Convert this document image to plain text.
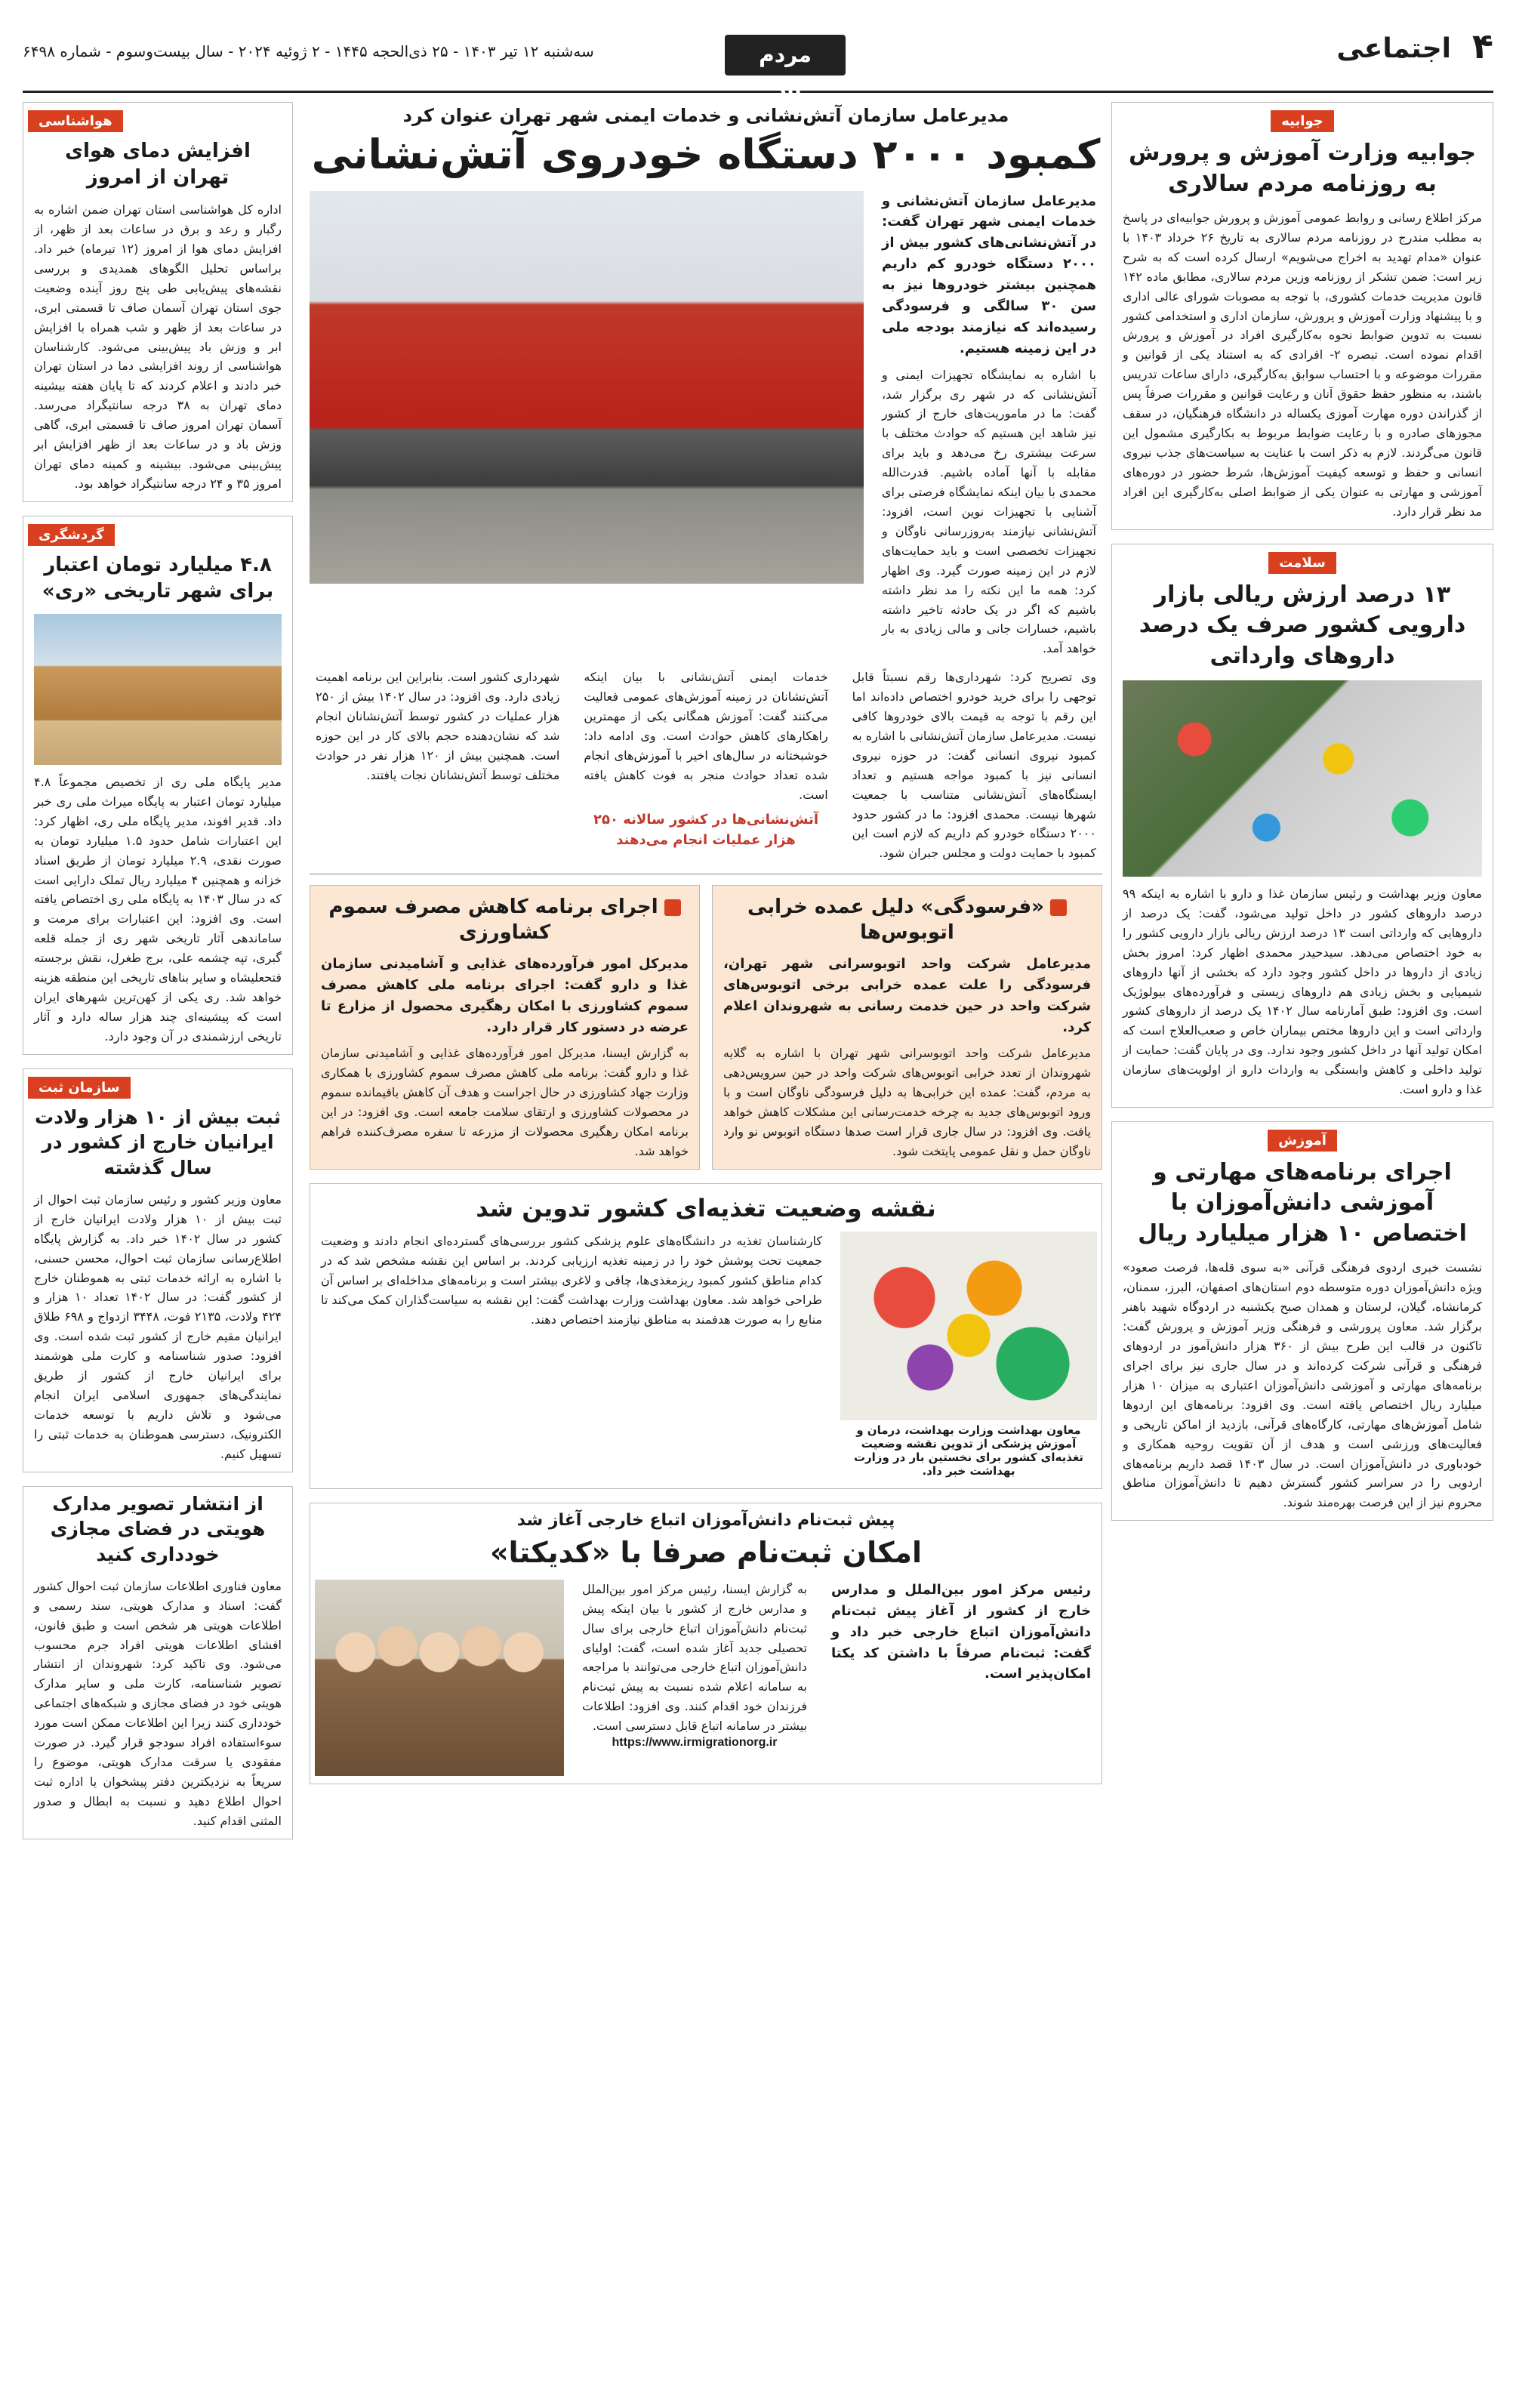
۴
اجتماعی
مردم سالاری
سه‌شنبه ۱۲ تیر ۱۴۰۳ - ۲۵ ذی‌الحجه ۱۴۴۵ - ۲ ژوئیه ۲۰۲۴ - سال بیست‌وسوم - شماره ۶۴۹۸
جوابیه
جوابیه وزارت آموزش و پرورش به روزنامه مردم سالاری
مرکز اطلاع رسانی و روابط عمومی آموزش و پرورش جوابیه‌ای در پاسخ به مطلب مندرج در روزنامه مردم سالاری به تاریخ ۲۶ خرداد ۱۴۰۳ با عنوان «مدام تهدید به اخراج می‌شویم» ارسال کرده است که به شرح زیر است: ضمن تشکر از روزنامه وزین مردم سالاری، مطابق ماده ۱۴۲ قانون مدیریت خدمات کشوری، با توجه به مصوبات شورای عالی اداری و با پیشنهاد وزارت آموزش و پرورش، سازمان اداری و استخدامی کشور نسبت به تدوین ضوابط نحوه به‌کارگیری افراد در آموزش و پرورش اقدام نموده است. تبصره ۲- افرادی که به استناد یکی از قوانین و مقررات موضوعه و با احتساب سوابق به‌کارگیری، دارای ساعات تدریس باشند، به منظور حفظ حقوق آنان و رعایت قوانین و مقررات صرفاً پس از گذراندن دوره مهارت آموزی یکساله در دانشگاه فرهنگیان، در سقف مجوزهای صادره و با رعایت ضوابط مربوط به بکارگیری مشمول این قانون می‌گردند. لازم به ذکر است با عنایت به سیاست‌های جذب نیروی انسانی و حفظ و توسعه کیفیت آموزش‌ها، شرط حضور در دوره‌های آموزشی و مهارتی به عنوان یکی از ضوابط اصلی به‌کارگیری این افراد مد نظر قرار دارد.
سلامت
۱۳ درصد ارزش ریالی بازار دارویی کشور صرف یک درصد داروهای وارداتی
معاون وزیر بهداشت و رئیس سازمان غذا و دارو با اشاره به اینکه ۹۹ درصد داروهای کشور در داخل تولید می‌شود، گفت: یک درصد از داروهایی که وارداتی است ۱۳ درصد ارزش ریالی بازار دارویی کشور را به خود اختصاص می‌دهد. سیدحیدر محمدی اظهار کرد: امروز بخش زیادی از داروها در داخل کشور وجود دارد که بخشی از آنها داروهای شیمیایی و بخش زیادی هم داروهای زیستی و فرآورده‌های بیولوژیک است. وی افزود: طبق آمارنامه سال ۱۴۰۲ یک درصد از داروهای کشور وارداتی است و این داروها مختص بیماران خاص و صعب‌العلاج است که امکان تولید آنها در داخل کشور وجود ندارد. وی در پایان گفت: حمایت از تولید داخلی و کاهش وابستگی به واردات دارو از اولویت‌های سازمان غذا و دارو است.
آموزش
اجرای برنامه‌های مهارتی و آموزشی دانش‌آموزان با اختصاص ۱۰ هزار میلیارد ریال
نشست خبری اردوی فرهنگی قرآنی «به سوی قله‌ها، فرصت صعود» ویژه دانش‌آموزان دوره متوسطه دوم استان‌های اصفهان، البرز، سمنان، کرمانشاه، گیلان، لرستان و همدان صبح یکشنبه در اردوگاه شهید باهنر برگزار شد. معاون پرورشی و فرهنگی وزیر آموزش و پرورش گفت: تاکنون در قالب این طرح بیش از ۳۶۰ هزار دانش‌آموز در اردوهای فرهنگی و قرآنی شرکت کرده‌اند و در سال جاری نیز برای اجرای برنامه‌های مهارتی و آموزشی دانش‌آموزان اعتباری به میزان ۱۰ هزار میلیارد ریال اختصاص یافته است. وی افزود: برنامه‌های این اردوها شامل آموزش‌های مهارتی، کارگاه‌های قرآنی، بازدید از اماکن تاریخی و فعالیت‌های ورزشی است و هدف از آن تقویت روحیه همکاری و خودباوری در دانش‌آموزان است. در سال ۱۴۰۳ قصد داریم برنامه‌های اردویی را در سراسر کشور گسترش دهیم تا دانش‌آموزان مناطق محروم نیز از این فرصت بهره‌مند شوند.
هواشناسی
افزایش دمای هوای تهران از امروز
اداره کل هواشناسی استان تهران ضمن اشاره به رگبار و رعد و برق در ساعات بعد از ظهر، از افزایش دمای هوا از امروز (۱۲ تیرماه) خبر داد. براساس تحلیل الگوهای همدیدی و بررسی نقشه‌های پیش‌یابی طی پنج روز آینده وضعیت جوی استان تهران آسمان صاف تا قسمتی ابری، در ساعات بعد از ظهر و شب همراه با افزایش ابر و وزش باد پیش‌بینی می‌شود. کارشناسان هواشناسی از روند افزایشی دما در استان تهران خبر دادند و اعلام کردند که تا پایان هفته بیشینه دمای تهران به ۳۸ درجه سانتیگراد می‌رسد. آسمان تهران امروز صاف تا قسمتی ابری، گاهی وزش باد و در ساعات بعد از ظهر افزایش ابر پیش‌بینی می‌شود. بیشینه و کمینه دمای تهران امروز ۳۵ و ۲۴ درجه سانتیگراد خواهد بود.
گردشگری
۴.۸ میلیارد تومان اعتبار برای شهر تاریخی «ری»
مدیر پایگاه ملی ری از تخصیص مجموعاً ۴.۸ میلیارد تومان اعتبار به پایگاه میراث ملی ری خبر داد. قدیر افوند، مدیر پایگاه ملی ری، اظهار کرد: این اعتبارات شامل حدود ۱.۵ میلیارد تومان به صورت نقدی، ۲.۹ میلیارد تومان از طریق اسناد خزانه و همچنین ۴ میلیارد ریال تملک دارایی است که در سال ۱۴۰۳ به پایگاه ملی ری اختصاص یافته است. وی افزود: این اعتبارات برای مرمت و ساماندهی آثار تاریخی شهر ری از جمله قلعه گبری، تپه چشمه علی، برج طغرل، نقش برجسته فتحعلیشاه و سایر بناهای تاریخی این منطقه هزینه خواهد شد. ری یکی از کهن‌ترین شهرهای ایران است که پیشینه‌ای چند هزار ساله دارد و آثار تاریخی ارزشمندی در آن وجود دارد.
سازمان ثبت
ثبت بیش از ۱۰ هزار ولادت ایرانیان خارج از کشور در سال گذشته
معاون وزیر کشور و رئیس سازمان ثبت احوال از ثبت بیش از ۱۰ هزار ولادت ایرانیان خارج از کشور در سال ۱۴۰۲ خبر داد. به گزارش پایگاه اطلاع‌رسانی سازمان ثبت احوال، محسن حسنی، با اشاره به ارائه خدمات ثبتی به هموطنان خارج از کشور گفت: در سال ۱۴۰۲ تعداد ۱۰ هزار و ۴۲۴ ولادت، ۲۱۳۵ فوت، ۳۴۴۸ ازدواج و ۶۹۸ طلاق ایرانیان مقیم خارج از کشور ثبت شده است. وی افزود: صدور شناسنامه و کارت ملی هوشمند برای ایرانیان خارج از کشور از طریق نمایندگی‌های جمهوری اسلامی ایران انجام می‌شود و تلاش داریم با توسعه خدمات الکترونیک، دسترسی هموطنان به خدمات ثبتی را تسهیل کنیم.
از انتشار تصویر مدارک هویتی در فضای مجازی خودداری کنید
معاون فناوری اطلاعات سازمان ثبت احوال کشور گفت: اسناد و مدارک هویتی، سند رسمی و اطلاعات هویتی هر شخص است و طبق قانون، افشای اطلاعات هویتی افراد جرم محسوب می‌شود. وی تاکید کرد: شهروندان از انتشار تصویر شناسنامه، کارت ملی و سایر مدارک هویتی خود در فضای مجازی و شبکه‌های اجتماعی خودداری کنند زیرا این اطلاعات ممکن است مورد سوءاستفاده افراد سودجو قرار گیرد. در صورت مفقودی یا سرقت مدارک هویتی، موضوع را سریعاً به نزدیکترین دفتر پیشخوان یا اداره ثبت احوال اطلاع دهید و نسبت به ابطال و صدور المثنی اقدام کنید.
مدیرعامل سازمان آتش‌نشانی و خدمات ایمنی شهر تهران عنوان کرد
کمبود ۲۰۰۰ دستگاه خودروی آتش‌نشانی
مدیرعامل سازمان آتش‌نشانی و خدمات ایمنی شهر تهران گفت: در آتش‌نشانی‌های کشور بیش از ۲۰۰۰ دستگاه خودرو کم داریم همچنین بیشتر خودروها نیز به سن ۳۰ سالگی و فرسودگی رسیده‌اند که نیازمند بودجه ملی در این زمینه هستیم.
با اشاره به نمایشگاه تجهیزات ایمنی و آتش‌نشانی که در شهر ری برگزار شد، گفت: ما در ماموریت‌های خارج از کشور نیز شاهد این هستیم که حوادث مختلف با سرعت بیشتری رخ می‌دهد و باید برای مقابله با آنها آماده باشیم. قدرت‌الله محمدی با بیان اینکه نمایشگاه فرصتی برای آشنایی با تجهیزات نوین است، افزود: آتش‌نشانی نیازمند به‌روزرسانی ناوگان و تجهیزات تخصصی است و باید حمایت‌های لازم در این زمینه صورت گیرد. وی اظهار کرد: همه ما این نکته را مد نظر داشته باشیم که اگر در یک حادثه تاخیر داشته باشیم، خسارات جانی و مالی زیادی به بار خواهد آمد.
وی تصریح کرد: شهرداری‌ها رقم نسبتاً قابل توجهی را برای خرید خودرو اختصاص داده‌اند اما این رقم با توجه به قیمت بالای خودروها کافی نیست. مدیرعامل سازمان آتش‌نشانی با اشاره به کمبود نیروی انسانی گفت: در حوزه نیروی انسانی نیز با کمبود مواجه هستیم و تعداد ایستگاه‌های آتش‌نشانی متناسب با جمعیت شهرها نیست. محمدی افزود: ما در کشور حدود ۲۰۰۰ دستگاه خودرو کم داریم که لازم است این کمبود با حمایت دولت و مجلس جبران شود.
خدمات ایمنی آتش‌نشانی با بیان اینکه آتش‌نشانان در زمینه آموزش‌های عمومی فعالیت می‌کنند گفت: آموزش همگانی یکی از مهمترین راهکارهای کاهش حوادث است. وی ادامه داد: خوشبختانه در سال‌های اخیر با آموزش‌های انجام شده تعداد حوادث منجر به فوت کاهش یافته است.
آتش‌نشانی‌ها در کشور سالانه ۲۵۰ هزار عملیات انجام می‌دهند
شهرداری کشور است. بنابراین این برنامه اهمیت زیادی دارد. وی افزود: در سال ۱۴۰۲ بیش از ۲۵۰ هزار عملیات در کشور توسط آتش‌نشانان انجام شد که نشان‌دهنده حجم بالای کار در این حوزه است. همچنین بیش از ۱۲۰ هزار نفر در حوادث مختلف توسط آتش‌نشانان نجات یافتند.
«فرسودگی» دلیل عمده خرابی اتوبوس‌ها
مدیرعامل شرکت واحد اتوبوسرانی شهر تهران، فرسودگی را علت عمده خرابی برخی اتوبوس‌های شرکت واحد در حین خدمت رسانی به شهروندان اعلام کرد.
مدیرعامل شرکت واحد اتوبوسرانی شهر تهران با اشاره به گلایه شهروندان از تعدد خرابی اتوبوس‌های شرکت واحد در حین سرویس‌دهی به مردم، گفت: عمده این خرابی‌ها به دلیل فرسودگی ناوگان است و با ورود اتوبوس‌های جدید به چرخه خدمت‌رسانی این مشکلات کاهش خواهد یافت. وی افزود: در سال جاری قرار است صدها دستگاه اتوبوس نو وارد ناوگان حمل و نقل عمومی پایتخت شود.
اجرای برنامه کاهش مصرف سموم کشاورزی
مدیرکل امور فرآورده‌های غذایی و آشامیدنی سازمان غذا و دارو گفت: اجرای برنامه ملی کاهش مصرف سموم کشاورزی با امکان رهگیری محصول از مزارع تا عرضه در دستور کار قرار دارد.
به گزارش ایسنا، مدیرکل امور فرآورده‌های غذایی و آشامیدنی سازمان غذا و دارو گفت: برنامه ملی کاهش مصرف سموم کشاورزی با همکاری وزارت جهاد کشاورزی در حال اجراست و هدف آن کاهش باقیمانده سموم در محصولات کشاورزی و ارتقای سلامت جامعه است. وی افزود: در این برنامه امکان رهگیری محصولات از مزرعه تا سفره مصرف‌کننده فراهم خواهد شد.
نقشه وضعیت تغذیه‌ای کشور تدوین شد
معاون بهداشت وزارت بهداشت، درمان و آموزش پزشکی از تدوین نقشه وضعیت تغذیه‌ای کشور برای نخستین بار در وزارت بهداشت خبر داد.
کارشناسان تغذیه در دانشگاه‌های علوم پزشکی کشور بررسی‌های گسترده‌ای انجام دادند و وضعیت جمعیت تحت پوشش خود را در زمینه تغذیه ارزیابی کردند. بر اساس این نقشه مشخص شد که در کدام مناطق کشور کمبود ریزمغذی‌ها، چاقی و لاغری بیشتر است و برنامه‌های مداخله‌ای بر اساس آن طراحی خواهد شد. معاون بهداشت وزارت بهداشت گفت: این نقشه به سیاست‌گذاران کمک می‌کند تا منابع را به صورت هدفمند به مناطق نیازمند اختصاص دهند.
پیش ثبت‌نام دانش‌آموزان اتباع خارجی آغاز شد
امکان ثبت‌نام صرفا با «کدیکتا»
رئیس مرکز امور بین‌الملل و مدارس خارج از کشور از آغاز پیش ثبت‌نام دانش‌آموزان اتباع خارجی خبر داد و گفت: ثبت‌نام صرفاً با داشتن کد یکتا امکان‌پذیر است.
به گزارش ایسنا، رئیس مرکز امور بین‌الملل و مدارس خارج از کشور با بیان اینکه پیش ثبت‌نام دانش‌آموزان اتباع خارجی برای سال تحصیلی جدید آغاز شده است، گفت: اولیای دانش‌آموزان اتباع خارجی می‌توانند با مراجعه به سامانه اعلام شده نسبت به پیش ثبت‌نام فرزندان خود اقدام کنند. وی افزود: اطلاعات بیشتر در سامانه اتباع قابل دسترسی است.
https://www.irmigrationorg.ir
